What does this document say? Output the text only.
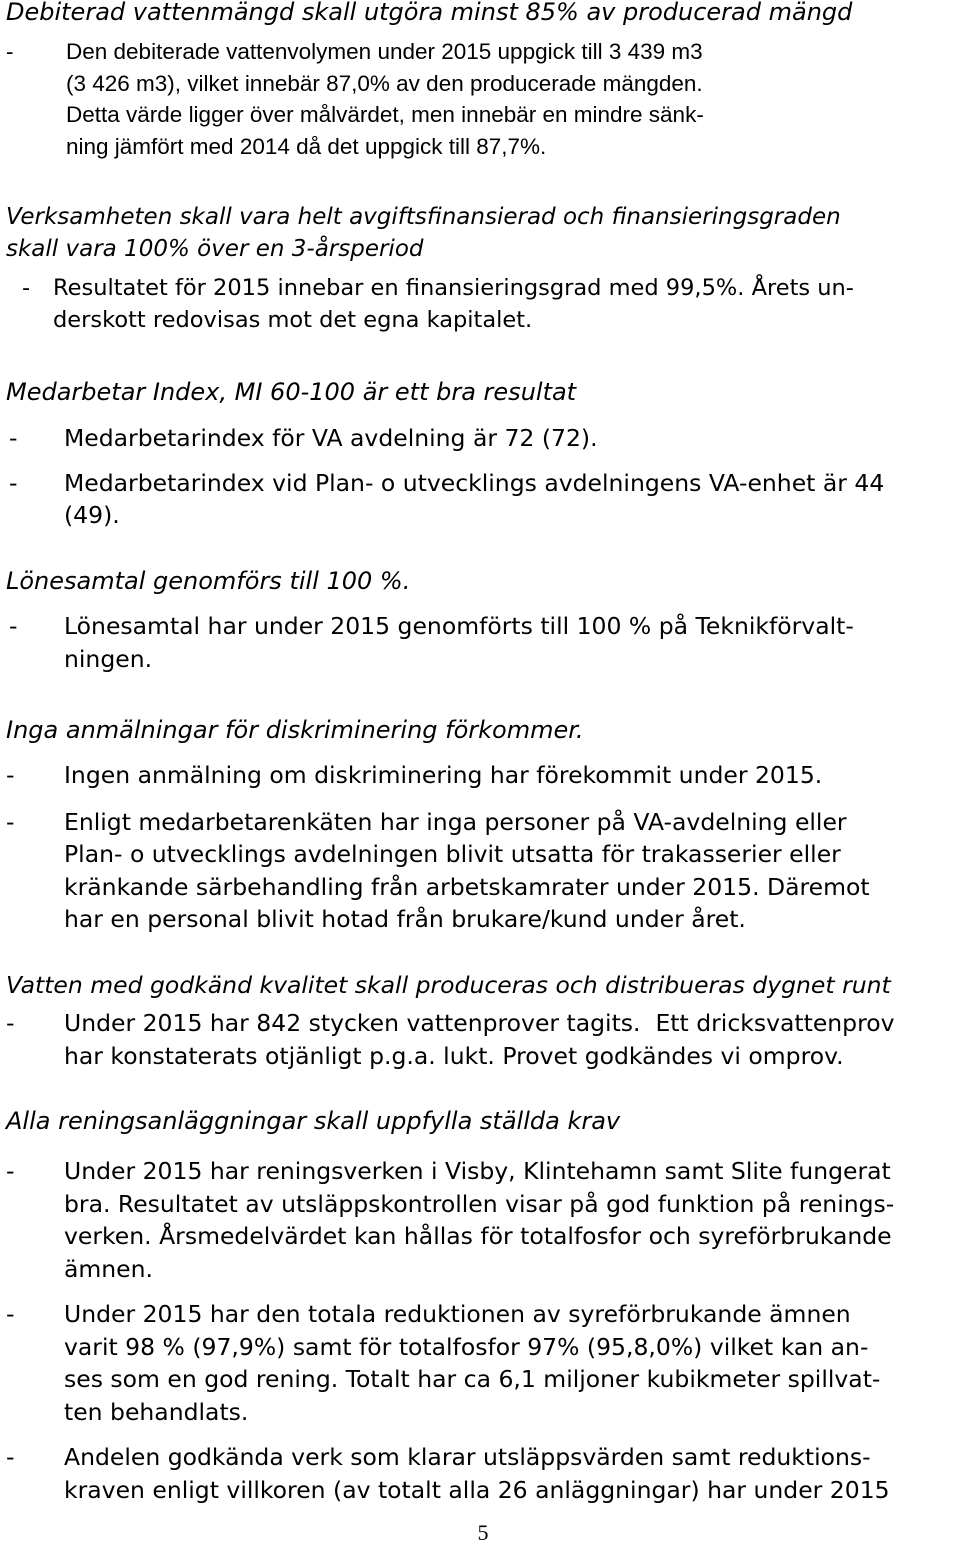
Debiterad vattenmängd skall utgöra minst 85% av producerad mängd
- Den debiterade vattenvolymen under 2015 uppgick till 3 439 m3
(3 426 m3), vilket innebär 87,0% av den producerade mängden.
Detta värde ligger över målvärdet, men innebär en mindre sänk-
ning jämfört med 2014 då det uppgick till 87,7%.
Verksamheten skall vara helt avgiftsfinansierad och finansieringsgraden
skall vara 100% över en 3-årsperiod
- Resultatet för 2015 innebar en finansieringsgrad med 99,5%. Årets un-
derskott redovisas mot det egna kapitalet.
Medarbetar Index, MI 60-100 är ett bra resultat
- Medarbetarindex för VA avdelning är 72 (72).
- Medarbetarindex vid Plan- o utvecklings avdelningens VA-enhet är 44
(49).
Lönesamtal genomförs till 100 %.
- Lönesamtal har under 2015 genomförts till 100 % på Teknikförvalt-
ningen.
Inga anmälningar för diskriminering förkommer.
- Ingen anmälning om diskriminering har förekommit under 2015.
- Enligt medarbetarenkäten har inga personer på VA-avdelning eller
Plan- o utvecklings avdelningen blivit utsatta för trakasserier eller
kränkande särbehandling från arbetskamrater under 2015. Däremot
har en personal blivit hotad från brukare/kund under året.
Vatten med godkänd kvalitet skall produceras och distribueras dygnet runt
- Under 2015 har 842 stycken vattenprover tagits.  Ett dricksvattenprov
har konstaterats otjänligt p.g.a. lukt. Provet godkändes vi omprov.
Alla reningsanläggningar skall uppfylla ställda krav
- Under 2015 har reningsverken i Visby, Klintehamn samt Slite fungerat
bra. Resultatet av utsläppskontrollen visar på god funktion på renings-
verken. Årsmedelvärdet kan hållas för totalfosfor och syreförbrukande
ämnen.
- Under 2015 har den totala reduktionen av syreförbrukande ämnen
varit 98 % (97,9%) samt för totalfosfor 97% (95,8,0%) vilket kan an-
ses som en god rening. Totalt har ca 6,1 miljoner kubikmeter spillvat-
ten behandlats.
- Andelen godkända verk som klarar utsläppsvärden samt reduktions-
kraven enligt villkoren (av totalt alla 26 anläggningar) har under 2015
5
